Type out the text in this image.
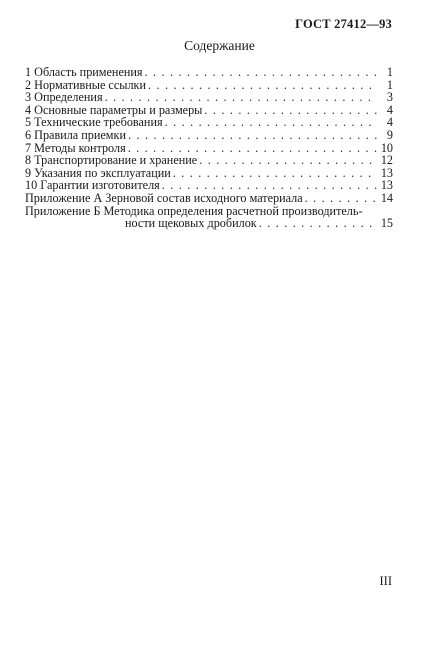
ГОСТ 27412—93
Содержание
1 Область применения . . .	1
2 Нормативные ссылки . . .	1
3 Определения . . .	3
4 Основные параметры и размеры . . .	4
5 Технические требования . . .	4
6 Правила приемки . . .	9
7 Методы контроля . . .	10
8 Транспортирование и хранение . . .	12
9 Указания по эксплуатации . . .	13
10 Гарантии изготовителя . . .	13
Приложение А Зерновой состав исходного материала . . .	14
Приложение Б Методика определения расчетной производитель-
ности щековых дробилок . . .	15
III
